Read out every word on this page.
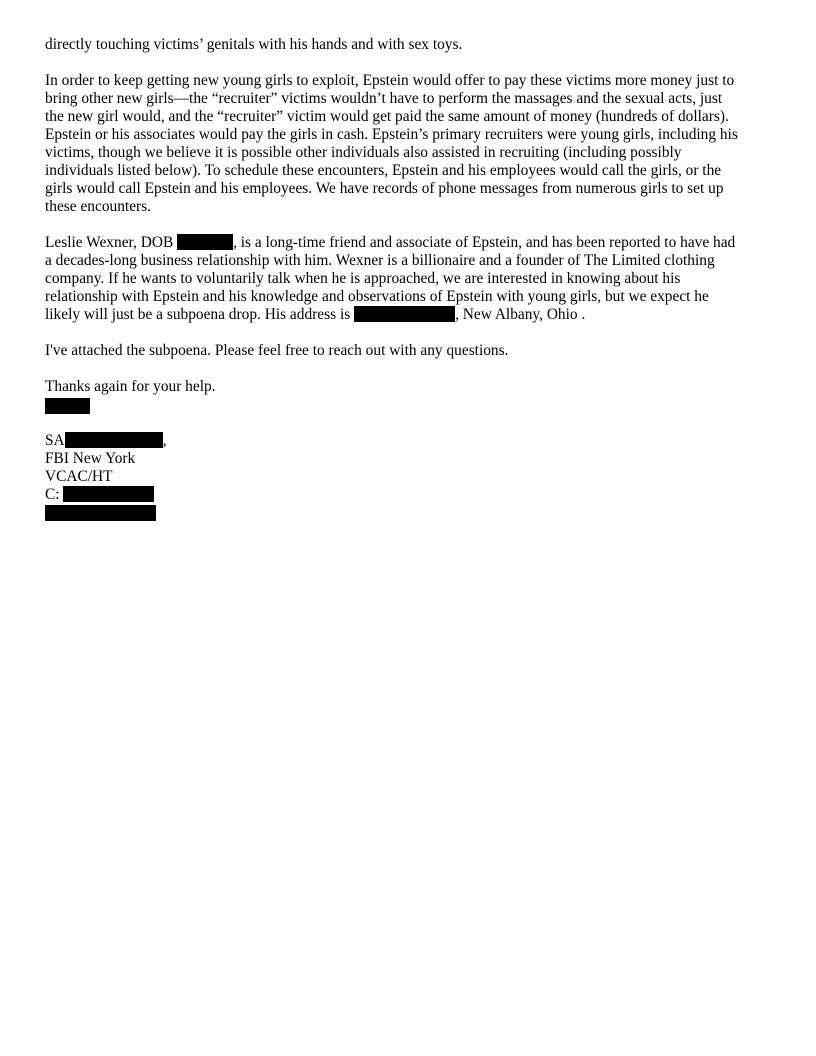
directly touching victims’ genitals with his hands and with sex toys.

In order to keep getting new young girls to exploit, Epstein would offer to pay these victims more money just to
bring other new girls—the “recruiter” victims wouldn’t have to perform the massages and the sexual acts, just
the new girl would, and the “recruiter” victim would get paid the same amount of money (hundreds of dollars).
Epstein or his associates would pay the girls in cash. Epstein’s primary recruiters were young girls, including his
victims, though we believe it is possible other individuals also assisted in recruiting (including possibly
individuals listed below). To schedule these encounters, Epstein and his employees would call the girls, or the
girls would call Epstein and his employees. We have records of phone messages from numerous girls to set up
these encounters.

Leslie Wexner, DOB	, is a long-time friend and associate of Epstein, and has been reported to have had
a decades-long business relationship with him. Wexner is a billionaire and a founder of The Limited clothing
company. If he wants to voluntarily talk when he is approached, we are interested in knowing about his
relationship with Epstein and his knowledge and observations of Epstein with young girls, but we expect he
likely will just be a subpoena drop. His address is	, New Albany, Ohio .

I've attached the subpoena. Please feel free to reach out with any questions.

Thanks again for your help.
SA	,
FBI New York
VCAC/HT
C:
